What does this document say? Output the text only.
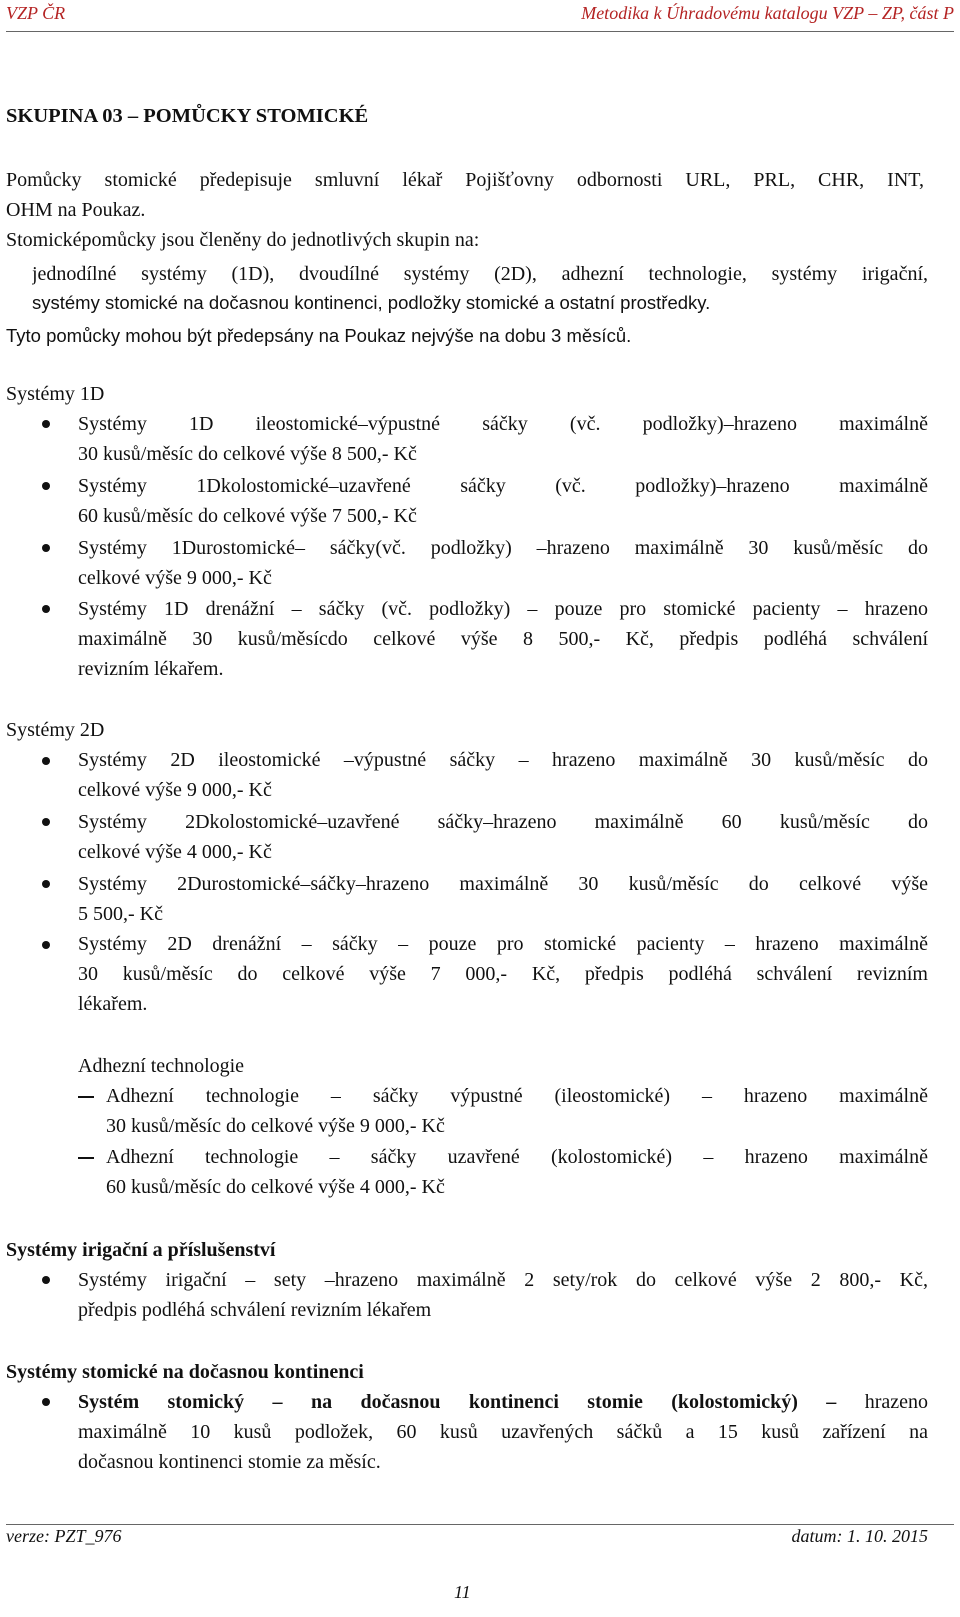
VZP ČR	Metodika k Úhradovému katalogu VZP – ZP, část P
SKUPINA 03 – POMŮCKY STOMICKÉ
Pomůcky stomické předepisuje smluvní lékař Pojišťovny odbornosti URL, PRL, CHR, INT,
OHM na Poukaz.
Stomicképomůcky jsou členěny do jednotlivých skupin na:
jednodílné systémy (1D), dvoudílné systémy (2D), adhezní technologie, systémy irigační,
systémy stomické na dočasnou kontinenci, podložky stomické a ostatní prostředky.
Tyto pomůcky mohou být předepsány na Poukaz nejvýše na dobu 3 měsíců.
Systémy 1D
Systémy 1D ileostomické–výpustné sáčky (vč. podložky)–hrazeno maximálně
30 kusů/měsíc do celkové výše 8 500,- Kč
Systémy 1Dkolostomické–uzavřené sáčky (vč. podložky)–hrazeno maximálně
60 kusů/měsíc do celkové výše 7 500,- Kč
Systémy 1Durostomické– sáčky(vč. podložky) –hrazeno maximálně 30 kusů/měsíc do
celkové výše 9 000,- Kč
Systémy 1D drenážní – sáčky (vč. podložky) – pouze pro stomické pacienty – hrazeno
maximálně 30 kusů/měsícdo celkové výše 8 500,- Kč, předpis podléhá schválení
revizním lékařem.
Systémy 2D
Systémy 2D ileostomické –výpustné sáčky – hrazeno maximálně 30 kusů/měsíc do
celkové výše 9 000,- Kč
Systémy 2Dkolostomické–uzavřené sáčky–hrazeno maximálně 60 kusů/měsíc do
celkové výše 4 000,- Kč
Systémy 2Durostomické–sáčky–hrazeno maximálně 30 kusů/měsíc do celkové výše
5 500,- Kč
Systémy 2D drenážní – sáčky – pouze pro stomické pacienty – hrazeno maximálně
30 kusů/měsíc do celkové výše 7 000,- Kč, předpis podléhá schválení revizním
lékařem.
Adhezní technologie
Adhezní technologie – sáčky výpustné (ileostomické) – hrazeno maximálně
30 kusů/měsíc do celkové výše 9 000,- Kč
Adhezní technologie – sáčky uzavřené (kolostomické) – hrazeno maximálně
60 kusů/měsíc do celkové výše 4 000,- Kč
Systémy irigační a příslušenství
Systémy irigační – sety –hrazeno maximálně 2 sety/rok do celkové výše 2 800,- Kč,
předpis podléhá schválení revizním lékařem
Systémy stomické na dočasnou kontinenci
Systém stomický – na dočasnou kontinenci stomie (kolostomický) – hrazeno
maximálně 10 kusů podložek, 60 kusů uzavřených sáčků a 15 kusů zařízení na
dočasnou kontinenci stomie za měsíc.
verze: PZT_976	datum: 1. 10. 2015
11
